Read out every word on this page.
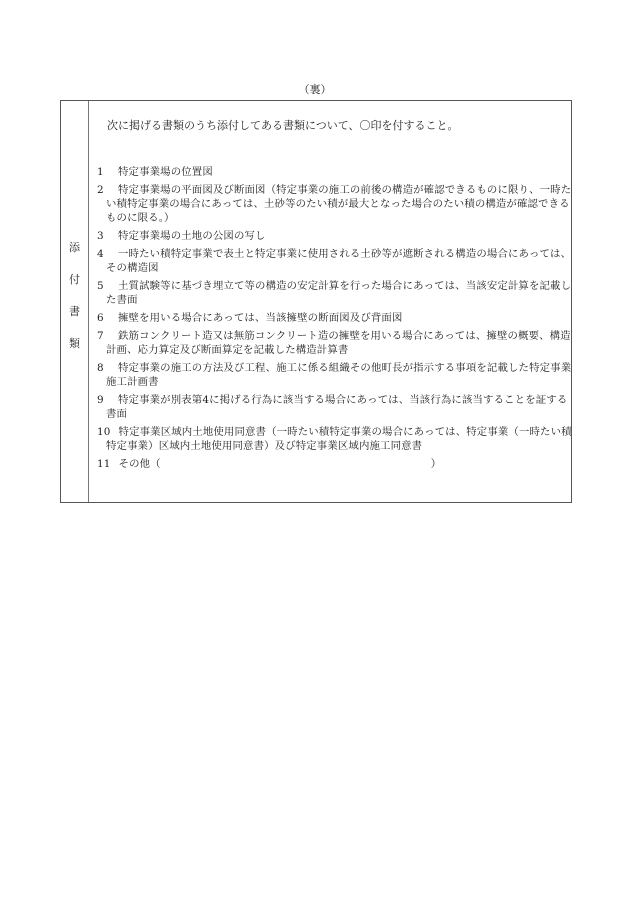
（裏）
添
付
書
類
次に掲げる書類のうち添付してある書類について、〇印を付すること。
1 特定事業場の位置図
2 特定事業場の平面図及び断面図（特定事業の施工の前後の構造が確認できるものに限り、一時たい積特定事業の場合にあっては、土砂等のたい積が最大となった場合のたい積の構造が確認できるものに限る。）
3 特定事業場の土地の公図の写し
4 一時たい積特定事業で表土と特定事業に使用される土砂等が遮断される構造の場合にあっては、その構造図
5 土質試験等に基づき埋立て等の構造の安定計算を行った場合にあっては、当該安定計算を記載した書面
6 擁壁を用いる場合にあっては、当該擁壁の断面図及び背面図
7 鉄筋コンクリート造又は無筋コンクリート造の擁壁を用いる場合にあっては、擁壁の概要、構造計画、応力算定及び断面算定を記載した構造計算書
8 特定事業の施工の方法及び工程、施工に係る組織その他町長が指示する事項を記載した特定事業施工計画書
9 特定事業が別表第4に掲げる行為に該当する場合にあっては、当該行為に該当することを証する書面
10 特定事業区域内土地使用同意書（一時たい積特定事業の場合にあっては、特定事業（一時たい積特定事業）区域内土地使用同意書）及び特定事業区域内施工同意書
11 その他（	）
